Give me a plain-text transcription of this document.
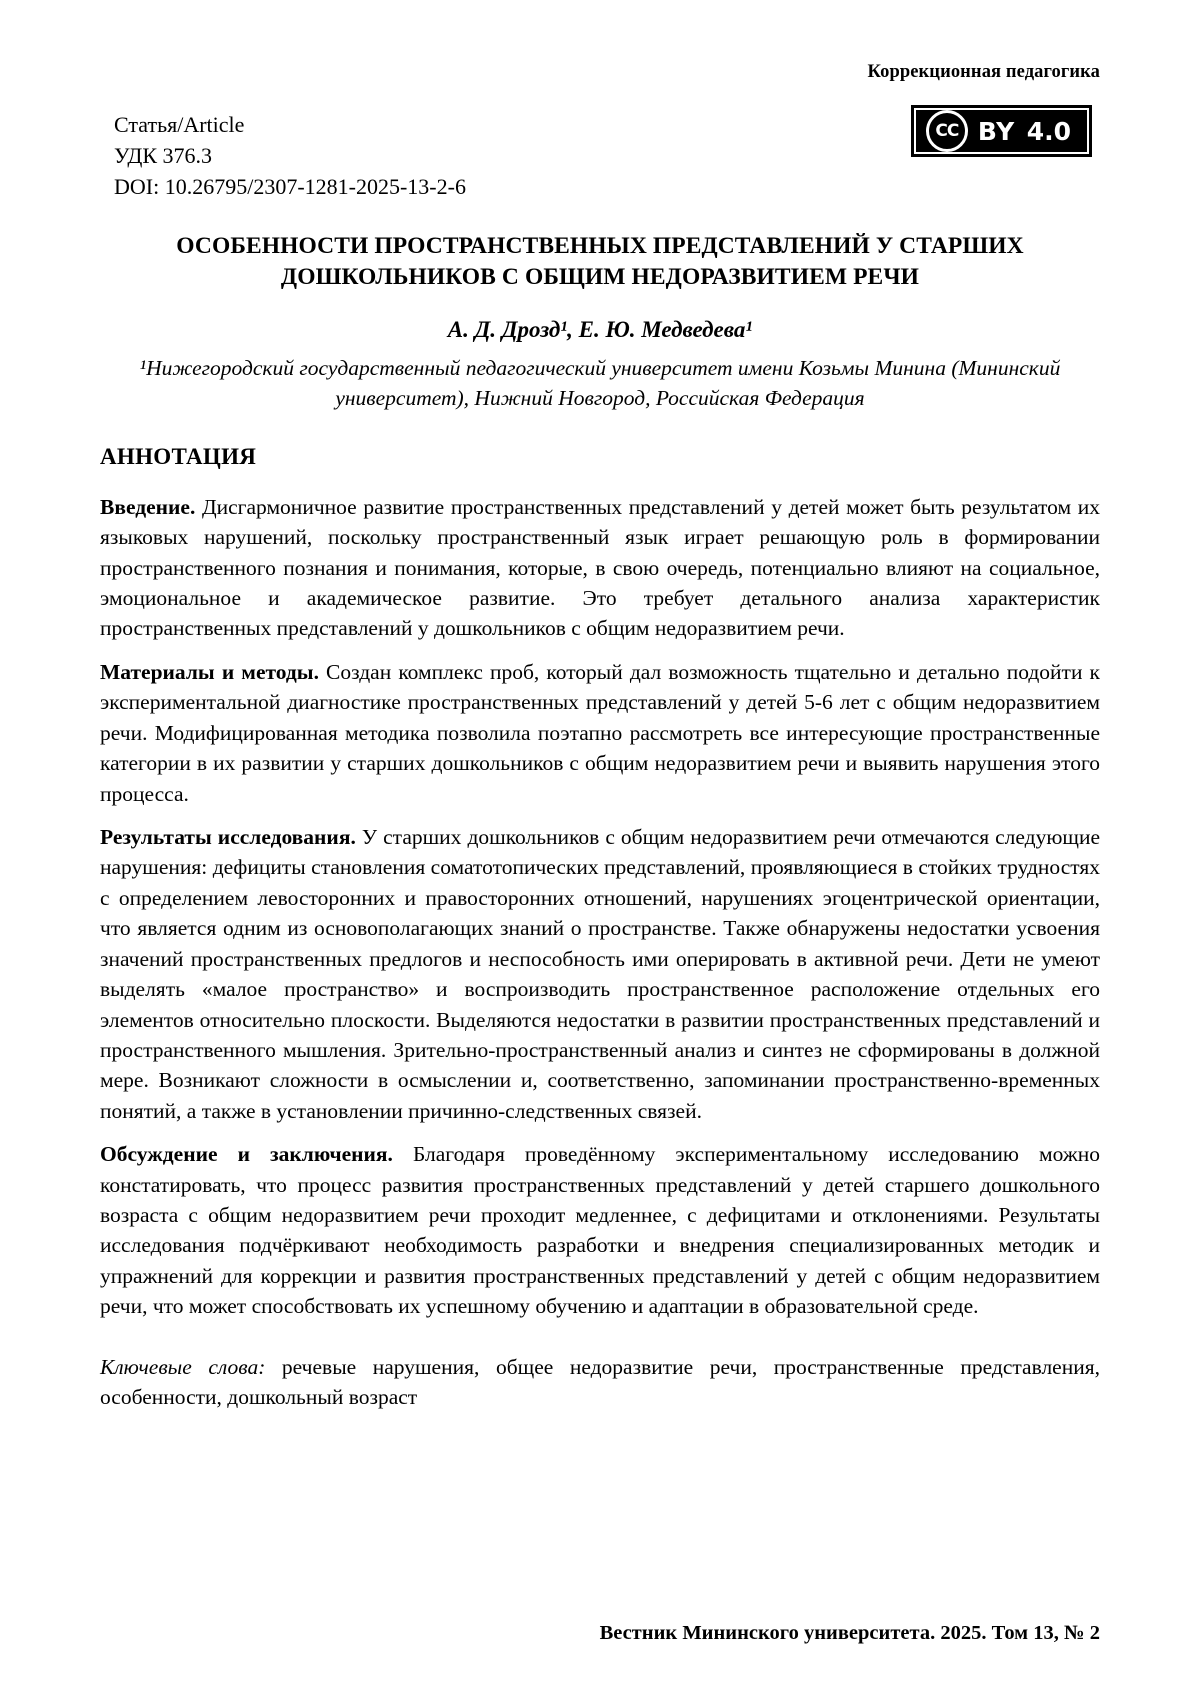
Коррекционная педагогика
Статья/Article
УДК 376.3
DOI: 10.26795/2307-1281-2025-13-2-6
CC BY 4.0
ОСОБЕННОСТИ ПРОСТРАНСТВЕННЫХ ПРЕДСТАВЛЕНИЙ У СТАРШИХ ДОШКОЛЬНИКОВ С ОБЩИМ НЕДОРАЗВИТИЕМ РЕЧИ
А. Д. Дрозд¹, Е. Ю. Медведева¹
¹Нижегородский государственный педагогический университет имени Козьмы Минина (Мининский университет), Нижний Новгород, Российская Федерация
АННОТАЦИЯ

Введение. Дисгармоничное развитие пространственных представлений у детей может быть результатом их языковых нарушений, поскольку пространственный язык играет решающую роль в формировании пространственного познания и понимания, которые, в свою очередь, потенциально влияют на социальное, эмоциональное и академическое развитие. Это требует детального анализа характеристик пространственных представлений у дошкольников с общим недоразвитием речи.

Материалы и методы. Создан комплекс проб, который дал возможность тщательно и детально подойти к экспериментальной диагностике пространственных представлений у детей 5-6 лет с общим недоразвитием речи. Модифицированная методика позволила поэтапно рассмотреть все интересующие пространственные категории в их развитии у старших дошкольников с общим недоразвитием речи и выявить нарушения этого процесса.

Результаты исследования. У старших дошкольников с общим недоразвитием речи отмечаются следующие нарушения: дефициты становления соматотопических представлений, проявляющиеся в стойких трудностях с определением левосторонних и правосторонних отношений, нарушениях эгоцентрической ориентации, что является одним из основополагающих знаний о пространстве. Также обнаружены недостатки усвоения значений пространственных предлогов и неспособность ими оперировать в активной речи. Дети не умеют выделять «малое пространство» и воспроизводить пространственное расположение отдельных его элементов относительно плоскости. Выделяются недостатки в развитии пространственных представлений и пространственного мышления. Зрительно-пространственный анализ и синтез не сформированы в должной мере. Возникают сложности в осмыслении и, соответственно, запоминании пространственно-временных понятий, а также в установлении причинно-следственных связей.

Обсуждение и заключения. Благодаря проведённому экспериментальному исследованию можно констатировать, что процесс развития пространственных представлений у детей старшего дошкольного возраста с общим недоразвитием речи проходит медленнее, с дефицитами и отклонениями. Результаты исследования подчёркивают необходимость разработки и внедрения специализированных методик и упражнений для коррекции и развития пространственных представлений у детей с общим недоразвитием речи, что может способствовать их успешному обучению и адаптации в образовательной среде.

Ключевые слова: речевые нарушения, общее недоразвитие речи, пространственные представления, особенности, дошкольный возраст

Вестник Мининского университета. 2025. Том 13, № 2
